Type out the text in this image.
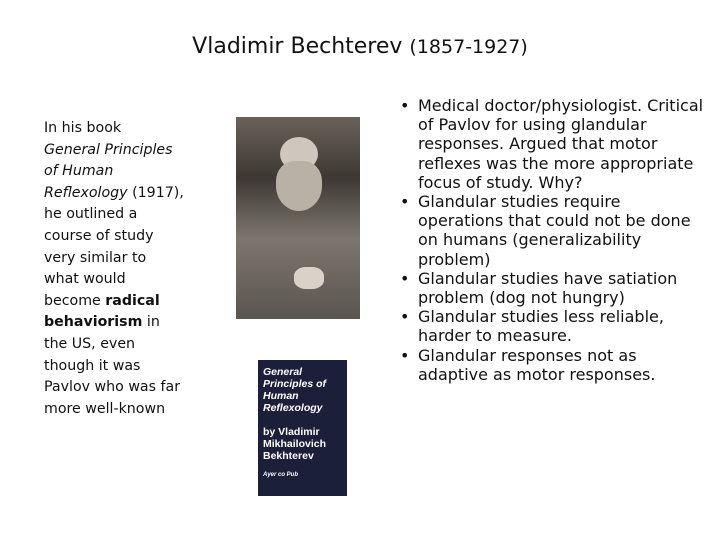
Vladimir Bechterev (1857-1927)
In his book
General Principles of Human Reflexology (1917), he outlined a course of study very similar to what would become radical behaviorism in the US, even though it was Pavlov who was far more well-known
General Principles of Human Reflexology
by Vladimir Mikhailovich Bekhterev
Ayer co Pub
• Medical doctor/physiologist. Critical of Pavlov for using glandular responses. Argued that motor reflexes was the more appropriate focus of study. Why?
• Glandular studies require operations that could not be done on humans (generalizability problem)
• Glandular studies have satiation problem (dog not hungry)
• Glandular studies less reliable, harder to measure.
• Glandular responses not as adaptive as motor responses.
